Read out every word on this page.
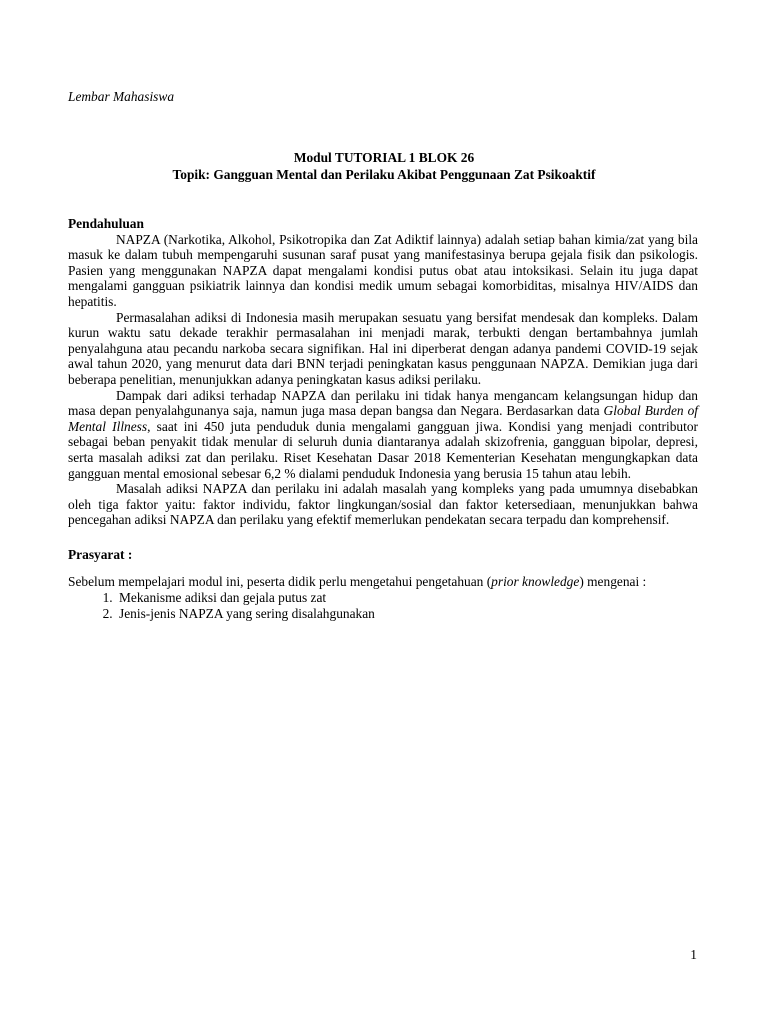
Lembar Mahasiswa
Modul TUTORIAL 1 BLOK 26
Topik: Gangguan Mental dan Perilaku Akibat Penggunaan Zat Psikoaktif
Pendahuluan

NAPZA (Narkotika, Alkohol, Psikotropika dan Zat Adiktif lainnya) adalah setiap bahan kimia/zat yang bila masuk ke dalam tubuh mempengaruhi susunan saraf pusat yang manifestasinya berupa gejala fisik dan psikologis. Pasien yang menggunakan NAPZA dapat mengalami kondisi putus obat atau intoksikasi. Selain itu juga dapat mengalami gangguan psikiatrik lainnya dan kondisi medik umum sebagai komorbiditas, misalnya HIV/AIDS dan hepatitis.

Permasalahan adiksi di Indonesia masih merupakan sesuatu yang bersifat mendesak dan kompleks. Dalam kurun waktu satu dekade terakhir permasalahan ini menjadi marak, terbukti dengan bertambahnya jumlah penyalahguna atau pecandu narkoba secara signifikan. Hal ini diperberat dengan adanya pandemi COVID-19 sejak awal tahun 2020, yang menurut data dari BNN terjadi peningkatan kasus penggunaan NAPZA. Demikian juga dari beberapa penelitian, menunjukkan adanya peningkatan kasus adiksi perilaku.

Dampak dari adiksi terhadap NAPZA dan perilaku ini tidak hanya mengancam kelangsungan hidup dan masa depan penyalahgunanya saja, namun juga masa depan bangsa dan Negara. Berdasarkan data Global Burden of Mental Illness, saat ini 450 juta penduduk dunia mengalami gangguan jiwa. Kondisi yang menjadi contributor sebagai beban penyakit tidak menular di seluruh dunia diantaranya adalah skizofrenia, gangguan bipolar, depresi, serta masalah adiksi zat dan perilaku. Riset Kesehatan Dasar 2018 Kementerian Kesehatan mengungkapkan data gangguan mental emosional sebesar 6,2 % dialami penduduk Indonesia yang berusia 15 tahun atau lebih.

Masalah adiksi NAPZA dan perilaku ini adalah masalah yang kompleks yang pada umumnya disebabkan oleh tiga faktor yaitu: faktor individu, faktor lingkungan/sosial dan faktor ketersediaan, menunjukkan bahwa pencegahan adiksi NAPZA dan perilaku yang efektif memerlukan pendekatan secara terpadu dan komprehensif.

Prasyarat :

Sebelum mempelajari modul ini, peserta didik perlu mengetahui pengetahuan (prior knowledge) mengenai :

1. Mekanisme adiksi dan gejala putus zat
2. Jenis-jenis NAPZA yang sering disalahgunakan
1
